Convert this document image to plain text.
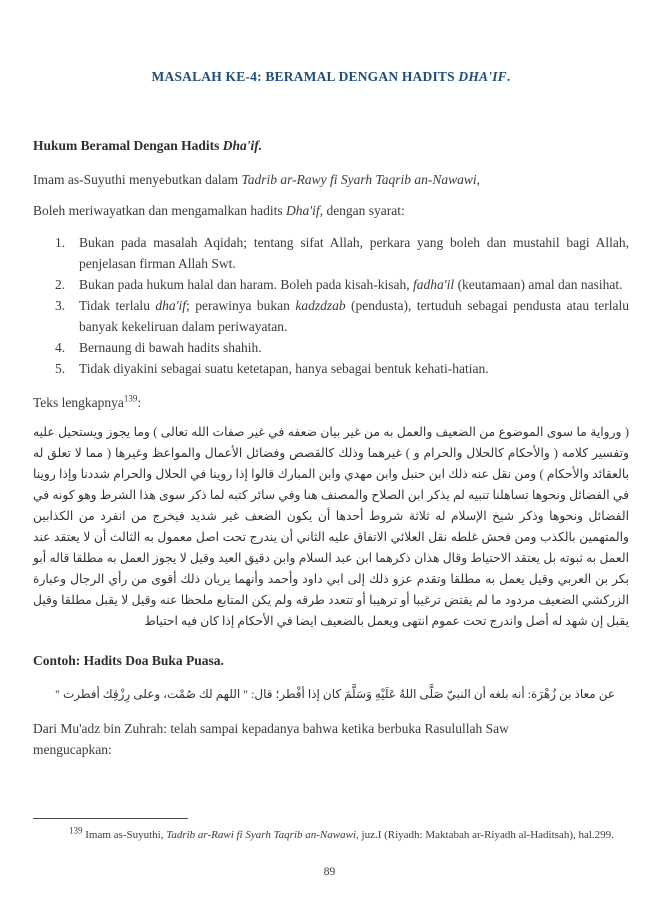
MASALAH KE-4: BERAMAL DENGAN HADITS DHA'IF.
Hukum Beramal Dengan Hadits Dha'if.

Imam as-Suyuthi menyebutkan dalam Tadrib ar-Rawy fi Syarh Taqrib an-Nawawi,

Boleh meriwayatkan dan mengamalkan hadits Dha'if, dengan syarat:

1.	Bukan pada masalah Aqidah; tentang sifat Allah, perkara yang boleh dan mustahil bagi Allah, penjelasan firman Allah Swt.
2.	Bukan pada hukum halal dan haram. Boleh pada kisah-kisah, fadha'il (keutamaan) amal dan nasihat.
3.	Tidak terlalu dha'if; perawinya bukan kadzdzab (pendusta), tertuduh sebagai pendusta atau terlalu banyak kekeliruan dalam periwayatan.
4.	Bernaung di bawah hadits shahih.
5.	Tidak diyakini sebagai suatu ketetapan, hanya sebagai bentuk kehati-hatian.

Teks lengkapnya$^{139}$:

( ورواية ما سوى الموضوع من الضعيف والعمل به من غير بيان ضعفه في غير صفات الله تعالى ) وما يجوز ويستحيل عليه وتفسير كلامه ( والأحكام كالحلال والحرام و ) غيرهما وذلك كالقصص وفضائل الأعمال والمواعظ وغيرها ( مما لا تعلق له بالعقائد والأحكام ) ومن نقل عنه ذلك ابن حنبل وابن مهدي وابن المبارك قالوا إذا روينا في الحلال والحرام شددنا وإذا روينا في الفضائل ونحوها تساهلنا تنبيه لم يذكر ابن الصلاح والمصنف هنا وفي سائر كتبه لما ذكر سوى هذا الشرط وهو كونه في الفضائل ونحوها وذكر شيخ الإسلام له ثلاثة شروط أحدها أن يكون الضعف غير شديد فيخرج من انفرد من الكذابين والمتهمين بالكذب ومن فحش غلطه نقل العلائي الاتفاق عليه الثاني أن يندرج تحت اصل معمول به الثالث أن لا يعتقد عند العمل به ثبوته بل يعتقد الاحتياط وقال هذان ذكرهما ابن عبد السلام وابن دقيق العيد وقيل لا يجوز العمل به مطلقا قاله أبو بكر بن العربي وقيل يعمل به مطلقا وتقدم عزو ذلك إلى ابي داود وأحمد وأنهما يريان ذلك أقوى من رأي الرجال وعبارة الزركشي الضعيف مردود ما لم يقتض ترغيبا أو ترهيبا أو تتعدد طرقه ولم يكن المتابع ملحظا عنه وقيل لا يقبل مطلقا وقيل يقبل إن شهد له أصل واندرج تحت عموم انتهى ويعمل بالضعيف ايضا في الأحكام إذا كان فيه احتياط

Contoh: Hadits Doa Buka Puasa.

عن معاذ بن زُهْرَة: أنه بلغه أن النبيّ صَلَّى اللهُ عَلَيْهِ وَسَلَّمَ كان إذا أفْطر؛ قال: " اللهم لك صُمْت، وعلى رِزْقِك أفطرت "

Dari Mu'adz bin Zuhrah: telah sampai kepadanya bahwa ketika berbuka Rasulullah Saw mengucapkan:

$^{139}$ Imam as-Suyuthi, Tadrib ar-Rawi fi Syarh Taqrib an-Nawawi, juz.I (Riyadh: Maktabah ar-Riyadh al-Haditsah), hal.299.

89
